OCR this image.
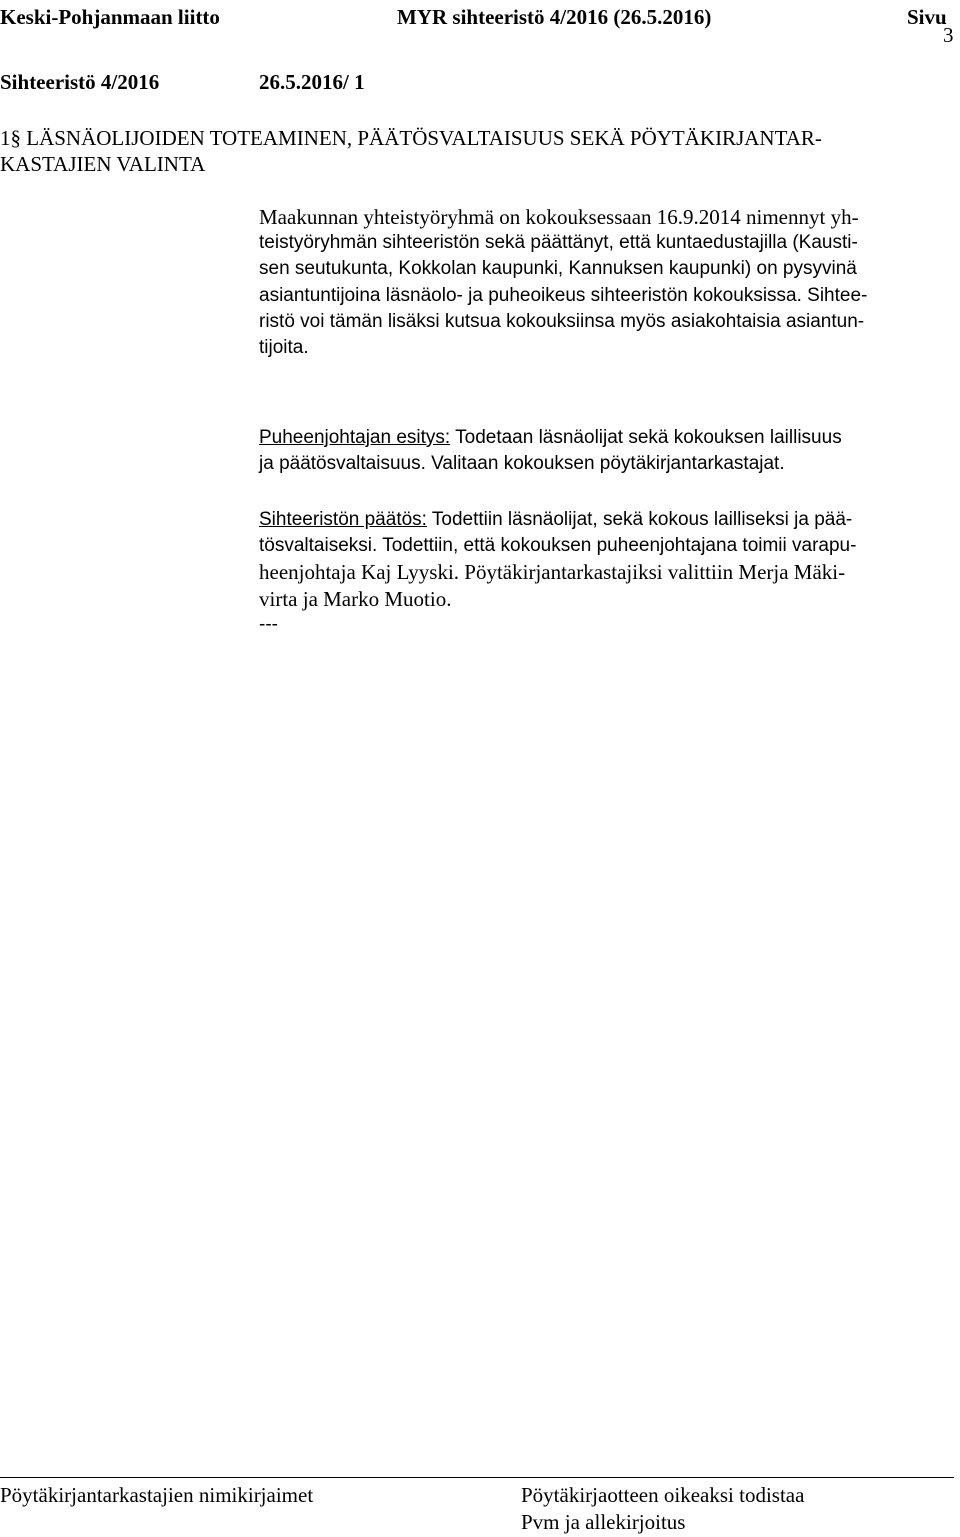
Keski-Pohjanmaan liitto	MYR sihteeristö 4/2016 (26.5.2016)	Sivu
3
Sihteeristö 4/2016	26.5.2016/ 1
1§ LÄSNÄOLIJOIDEN TOTEAMINEN, PÄÄTÖSVALTAISUUS SEKÄ PÖYTÄKIRJANTAR-
KASTAJIEN VALINTA
Maakunnan yhteistyöryhmä on kokouksessaan 16.9.2014 nimennyt yh-
teistyöryhmän sihteeristön sekä päättänyt, että kuntaedustajilla (Kausti-
sen seutukunta, Kokkolan kaupunki, Kannuksen kaupunki) on pysyvinä
asiantuntijoina läsnäolo- ja puheoikeus sihteeristön kokouksissa. Sihtee-
ristö voi tämän lisäksi kutsua kokouksiinsa myös asiakohtaisia asiantun-
tijoita.
Puheenjohtajan esitys: Todetaan läsnäolijat sekä kokouksen laillisuus
ja päätösvaltaisuus. Valitaan kokouksen pöytäkirjantarkastajat.
Sihteeristön päätös: Todettiin läsnäolijat, sekä kokous lailliseksi ja pää-
tösvaltaiseksi. Todettiin, että kokouksen puheenjohtajana toimii varapu-
heenjohtaja Kaj Lyyski. Pöytäkirjantarkastajiksi valittiin Merja Mäki-
virta ja Marko Muotio.
---
Pöytäkirjantarkastajien nimikirjaimet	Pöytäkirjaotteen oikeaksi todistaa
Pvm ja allekirjoitus
